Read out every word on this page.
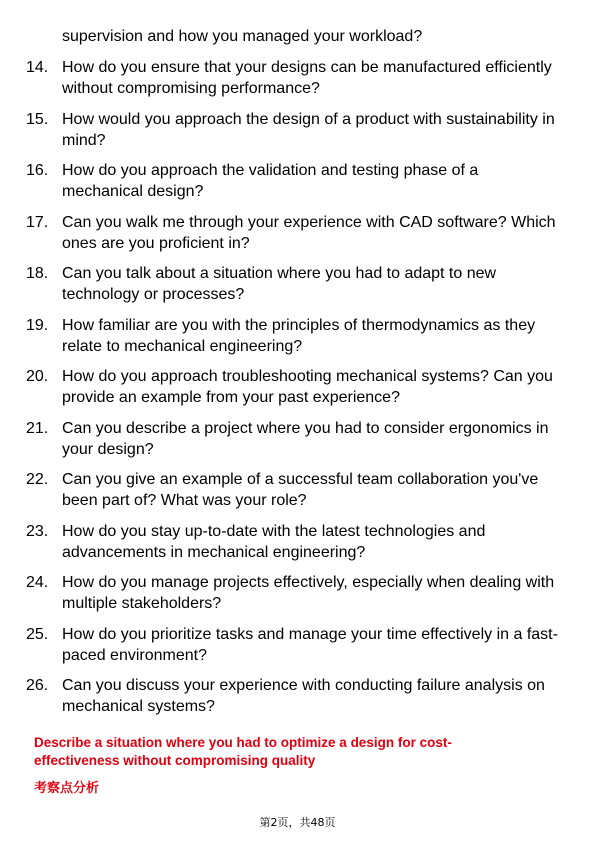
supervision and how you managed your workload?

14. How do you ensure that your designs can be manufactured efficiently without compromising performance?
15. How would you approach the design of a product with sustainability in mind?
16. How do you approach the validation and testing phase of a mechanical design?
17. Can you walk me through your experience with CAD software? Which ones are you proficient in?
18. Can you talk about a situation where you had to adapt to new technology or processes?
19. How familiar are you with the principles of thermodynamics as they relate to mechanical engineering?
20. How do you approach troubleshooting mechanical systems? Can you provide an example from your past experience?
21. Can you describe a project where you had to consider ergonomics in your design?
22. Can you give an example of a successful team collaboration you've been part of? What was your role?
23. How do you stay up-to-date with the latest technologies and advancements in mechanical engineering?
24. How do you manage projects effectively, especially when dealing with multiple stakeholders?
25. How do you prioritize tasks and manage your time effectively in a fast-paced environment?
26. Can you discuss your experience with conducting failure analysis on mechanical systems?

Describe a situation where you had to optimize a design for cost-effectiveness without compromising quality

考察点分析

第2页，共48页
